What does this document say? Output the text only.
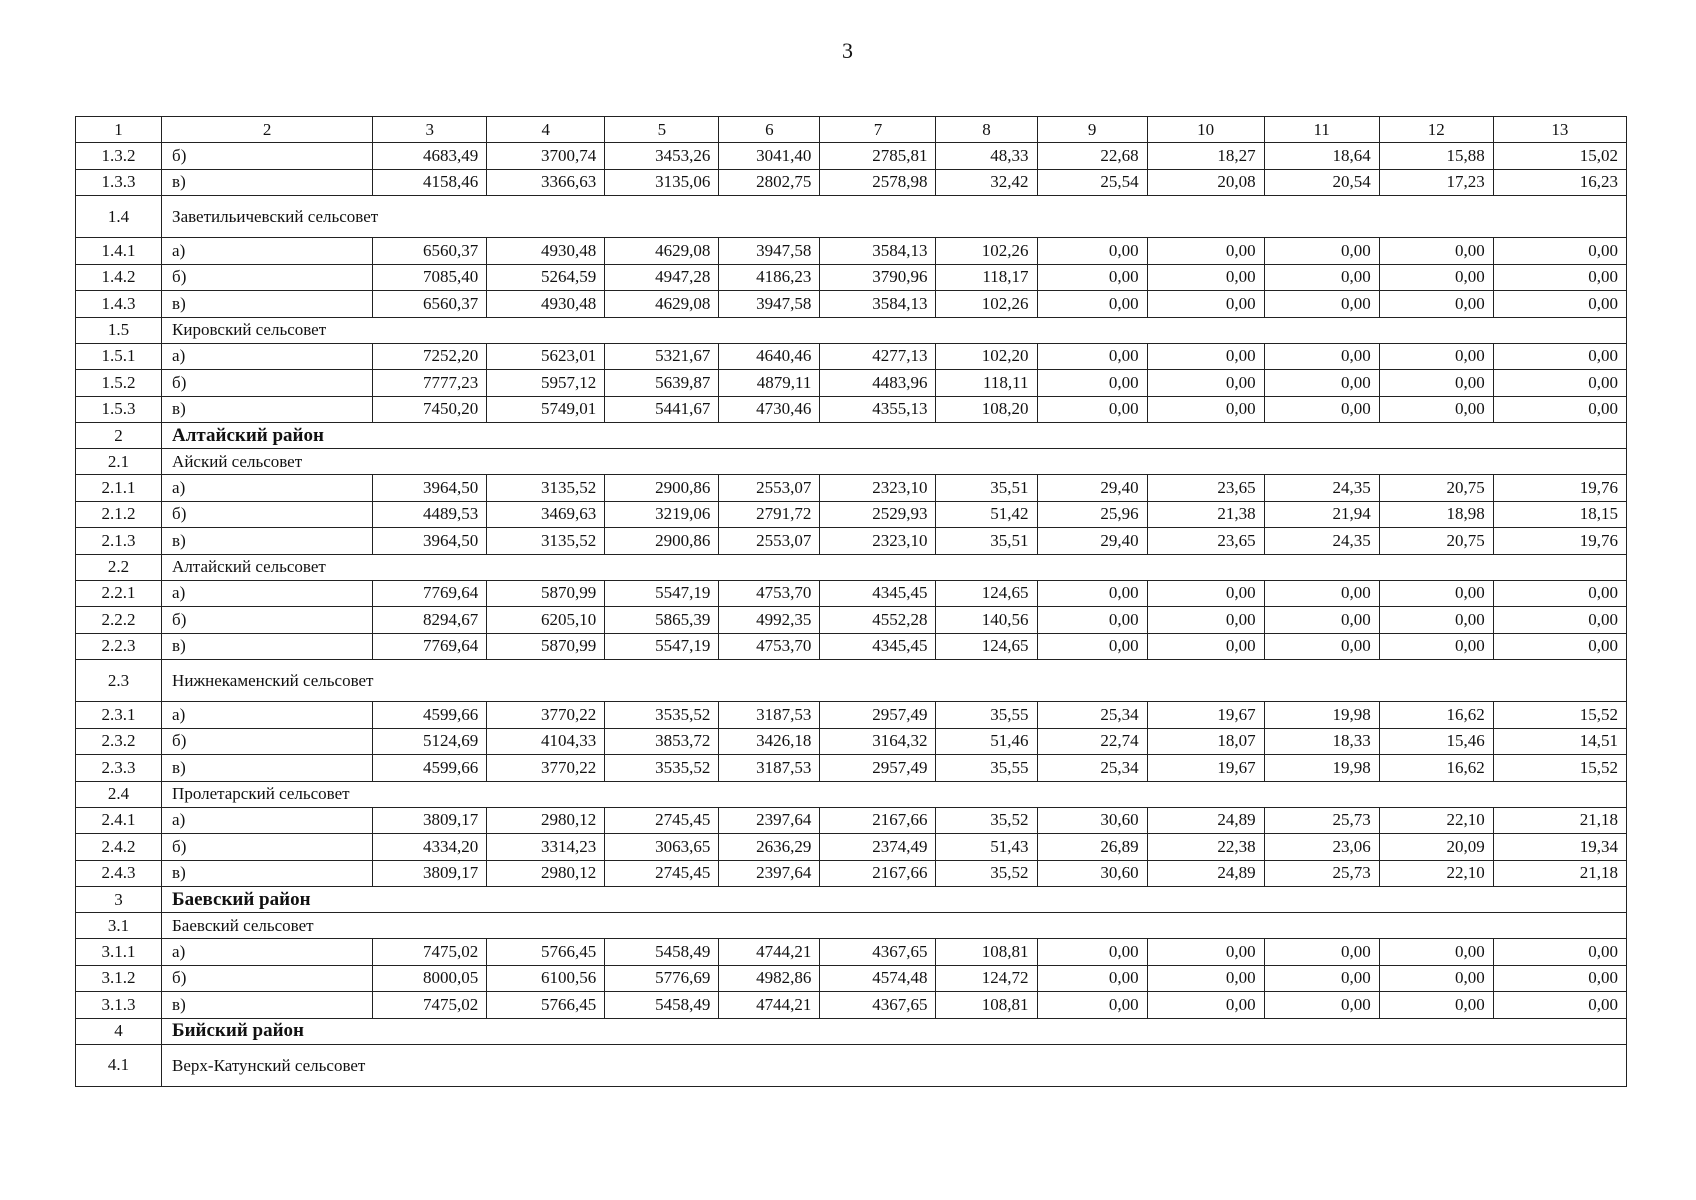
3
1	2	3	4	5	6	7	8	9	10	11	12	13
1.3.2	б)	4683,49	3700,74	3453,26	3041,40	2785,81	48,33	22,68	18,27	18,64	15,88	15,02
1.3.3	в)	4158,46	3366,63	3135,06	2802,75	2578,98	32,42	25,54	20,08	20,54	17,23	16,23
1.4	Заветильичевский сельсовет											
1.4.1	а)	6560,37	4930,48	4629,08	3947,58	3584,13	102,26	0,00	0,00	0,00	0,00	0,00
1.4.2	б)	7085,40	5264,59	4947,28	4186,23	3790,96	118,17	0,00	0,00	0,00	0,00	0,00
1.4.3	в)	6560,37	4930,48	4629,08	3947,58	3584,13	102,26	0,00	0,00	0,00	0,00	0,00
1.5	Кировский сельсовет											
1.5.1	а)	7252,20	5623,01	5321,67	4640,46	4277,13	102,20	0,00	0,00	0,00	0,00	0,00
1.5.2	б)	7777,23	5957,12	5639,87	4879,11	4483,96	118,11	0,00	0,00	0,00	0,00	0,00
1.5.3	в)	7450,20	5749,01	5441,67	4730,46	4355,13	108,20	0,00	0,00	0,00	0,00	0,00
2	Алтайский район											
2.1	Айский сельсовет											
2.1.1	а)	3964,50	3135,52	2900,86	2553,07	2323,10	35,51	29,40	23,65	24,35	20,75	19,76
2.1.2	б)	4489,53	3469,63	3219,06	2791,72	2529,93	51,42	25,96	21,38	21,94	18,98	18,15
2.1.3	в)	3964,50	3135,52	2900,86	2553,07	2323,10	35,51	29,40	23,65	24,35	20,75	19,76
2.2	Алтайский сельсовет											
2.2.1	а)	7769,64	5870,99	5547,19	4753,70	4345,45	124,65	0,00	0,00	0,00	0,00	0,00
2.2.2	б)	8294,67	6205,10	5865,39	4992,35	4552,28	140,56	0,00	0,00	0,00	0,00	0,00
2.2.3	в)	7769,64	5870,99	5547,19	4753,70	4345,45	124,65	0,00	0,00	0,00	0,00	0,00
2.3	Нижнекаменский сельсовет											
2.3.1	а)	4599,66	3770,22	3535,52	3187,53	2957,49	35,55	25,34	19,67	19,98	16,62	15,52
2.3.2	б)	5124,69	4104,33	3853,72	3426,18	3164,32	51,46	22,74	18,07	18,33	15,46	14,51
2.3.3	в)	4599,66	3770,22	3535,52	3187,53	2957,49	35,55	25,34	19,67	19,98	16,62	15,52
2.4	Пролетарский сельсовет											
2.4.1	а)	3809,17	2980,12	2745,45	2397,64	2167,66	35,52	30,60	24,89	25,73	22,10	21,18
2.4.2	б)	4334,20	3314,23	3063,65	2636,29	2374,49	51,43	26,89	22,38	23,06	20,09	19,34
2.4.3	в)	3809,17	2980,12	2745,45	2397,64	2167,66	35,52	30,60	24,89	25,73	22,10	21,18
3	Баевский район											
3.1	Баевский сельсовет											
3.1.1	а)	7475,02	5766,45	5458,49	4744,21	4367,65	108,81	0,00	0,00	0,00	0,00	0,00
3.1.2	б)	8000,05	6100,56	5776,69	4982,86	4574,48	124,72	0,00	0,00	0,00	0,00	0,00
3.1.3	в)	7475,02	5766,45	5458,49	4744,21	4367,65	108,81	0,00	0,00	0,00	0,00	0,00
4	Бийский район											
4.1	Верх-Катунский сельсовет											
